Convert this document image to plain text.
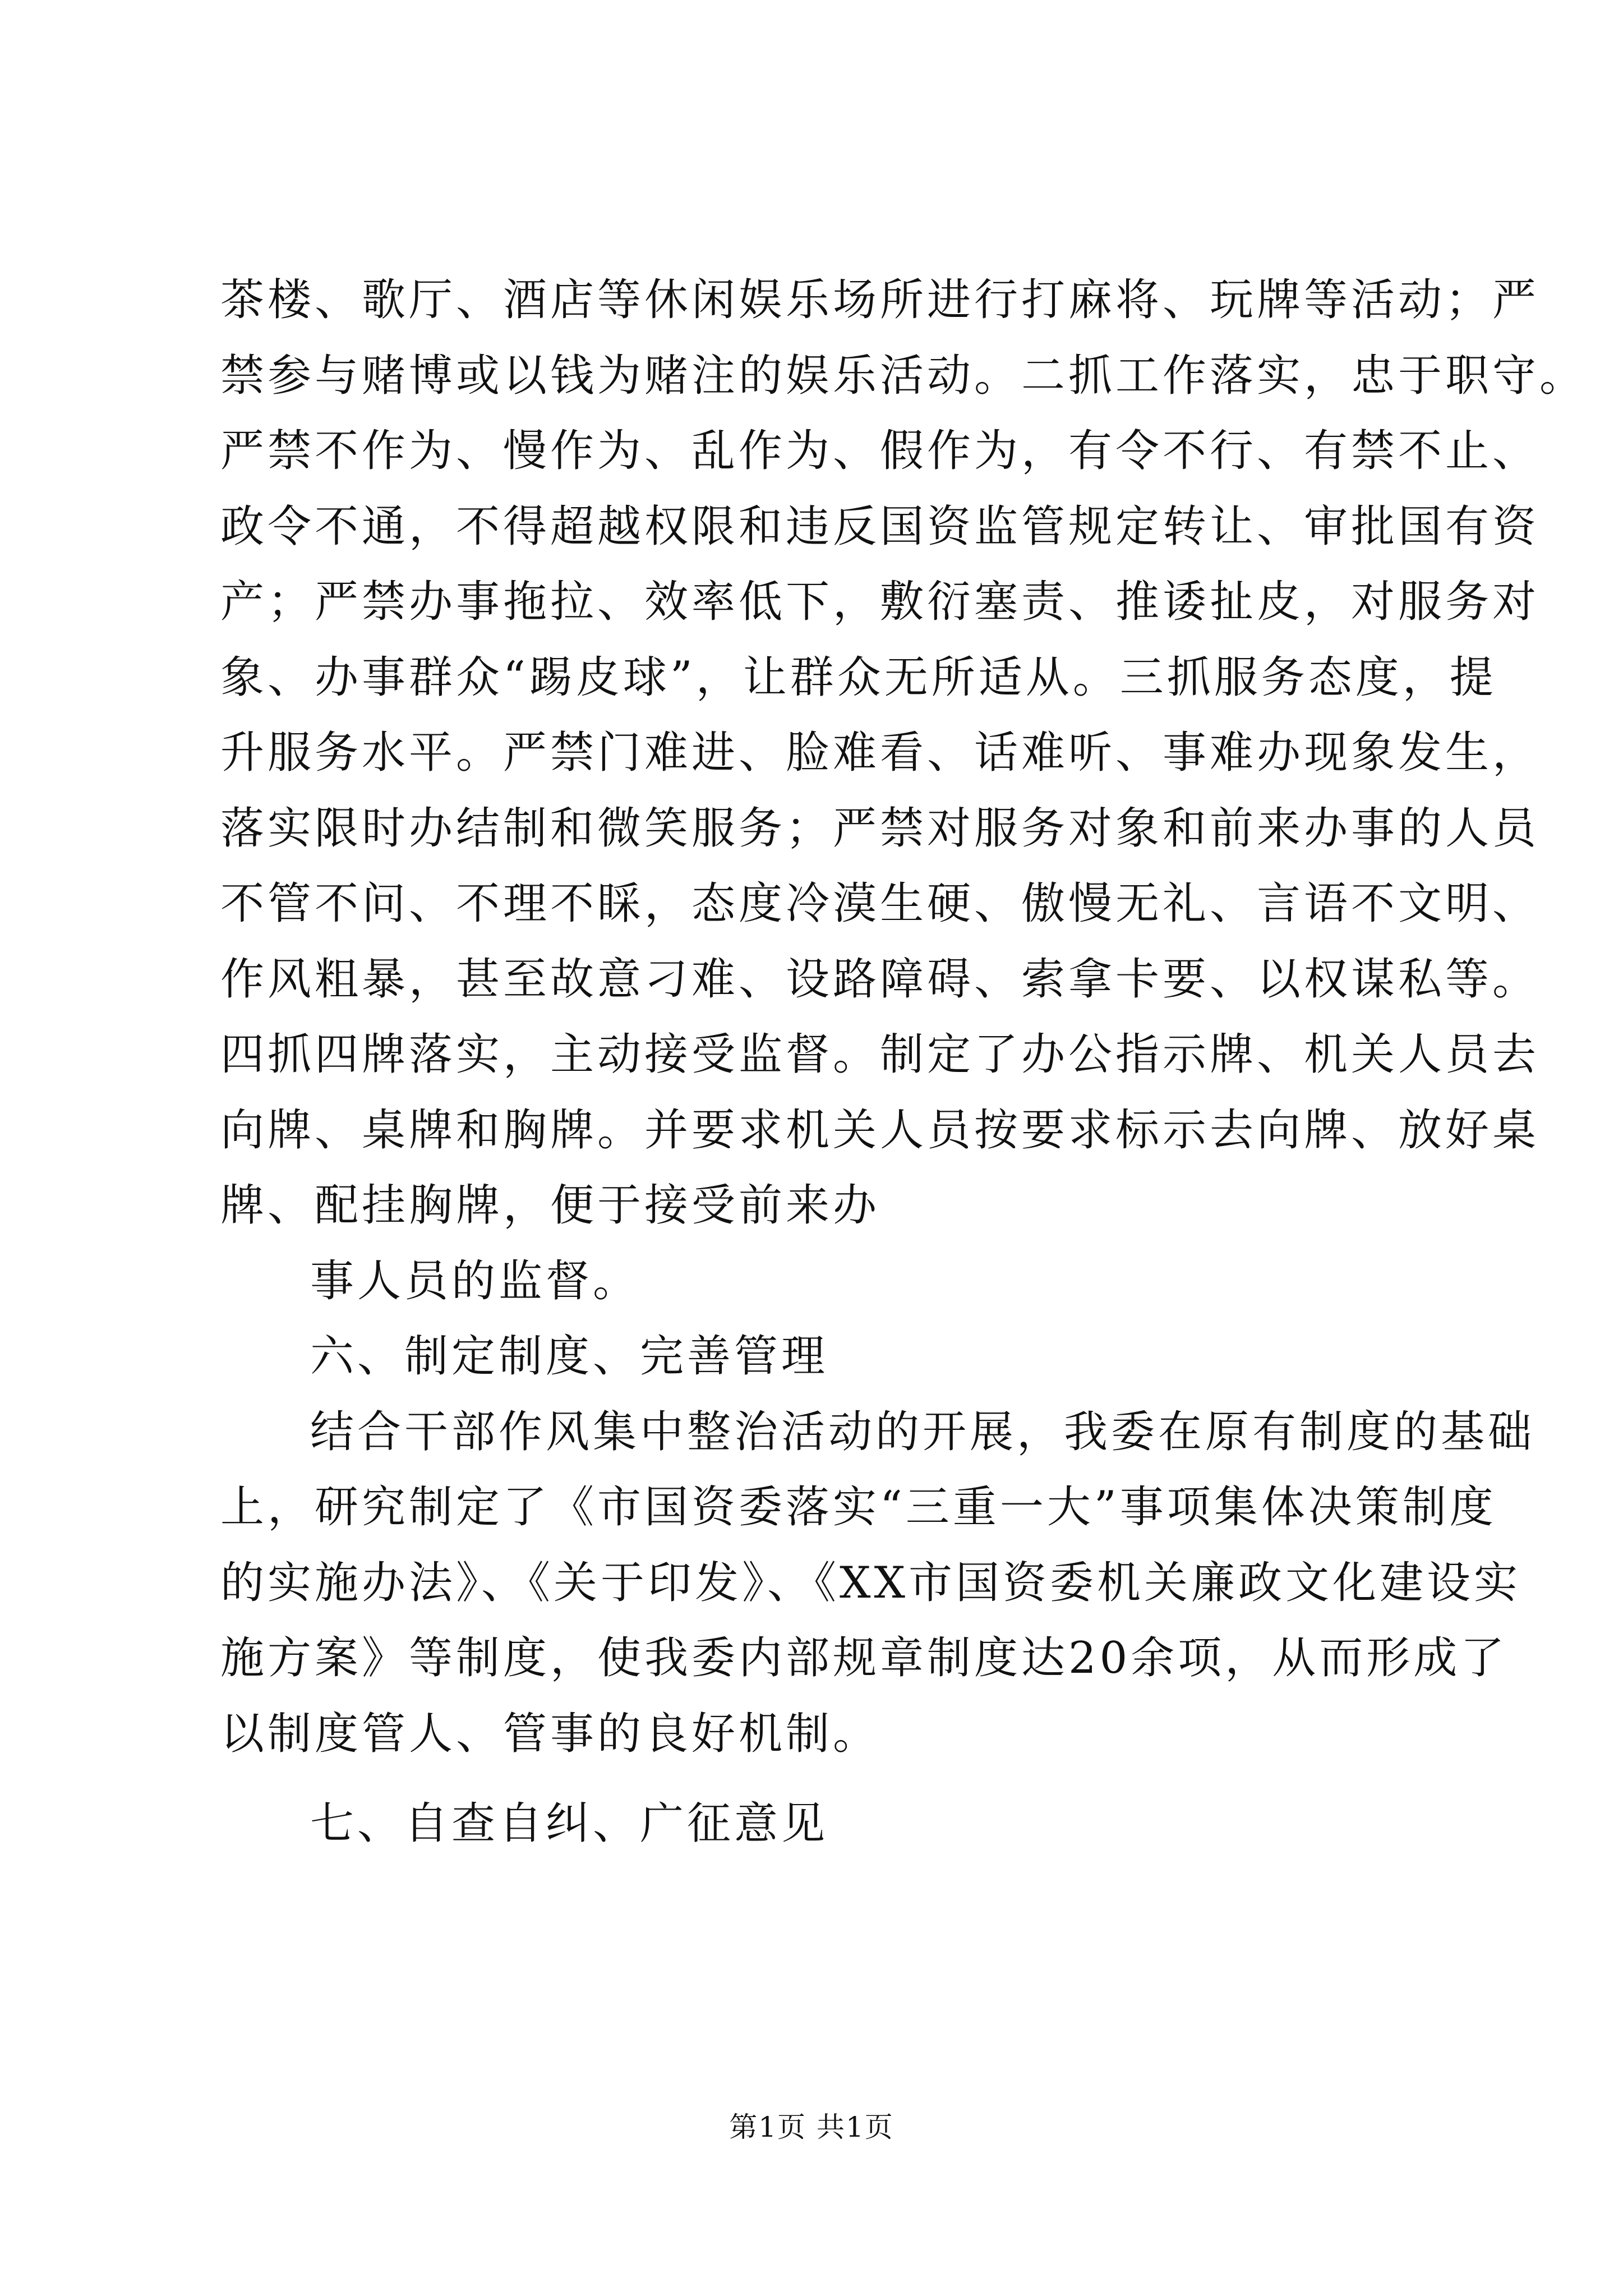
茶楼、歌厅、酒店等休闲娱乐场所进行打麻将、玩牌等活动；严
禁参与赌博或以钱为赌注的娱乐活动。二抓工作落实，忠于职守。
严禁不作为、慢作为、乱作为、假作为，有令不行、有禁不止、
政令不通，不得超越权限和违反国资监管规定转让、审批国有资
产；严禁办事拖拉、效率低下，敷衍塞责、推诿扯皮，对服务对
象、办事群众“踢皮球”，让群众无所适从。三抓服务态度，提
升服务水平。严禁门难进、脸难看、话难听、事难办现象发生，
落实限时办结制和微笑服务；严禁对服务对象和前来办事的人员
不管不问、不理不睬，态度冷漠生硬、傲慢无礼、言语不文明、
作风粗暴，甚至故意刁难、设路障碍、索拿卡要、以权谋私等。
四抓四牌落实，主动接受监督。制定了办公指示牌、机关人员去
向牌、桌牌和胸牌。并要求机关人员按要求标示去向牌、放好桌
牌、配挂胸牌，便于接受前来办
事人员的监督。
六、制定制度、完善管理
结合干部作风集中整治活动的开展，我委在原有制度的基础
上，研究制定了《市国资委落实“三重一大”事项集体决策制度
的实施办法》、《关于印发》、《XX市国资委机关廉政文化建设实
施方案》等制度，使我委内部规章制度达20余项，从而形成了
以制度管人、管事的良好机制。
七、自查自纠、广征意见
第1页 共1页
